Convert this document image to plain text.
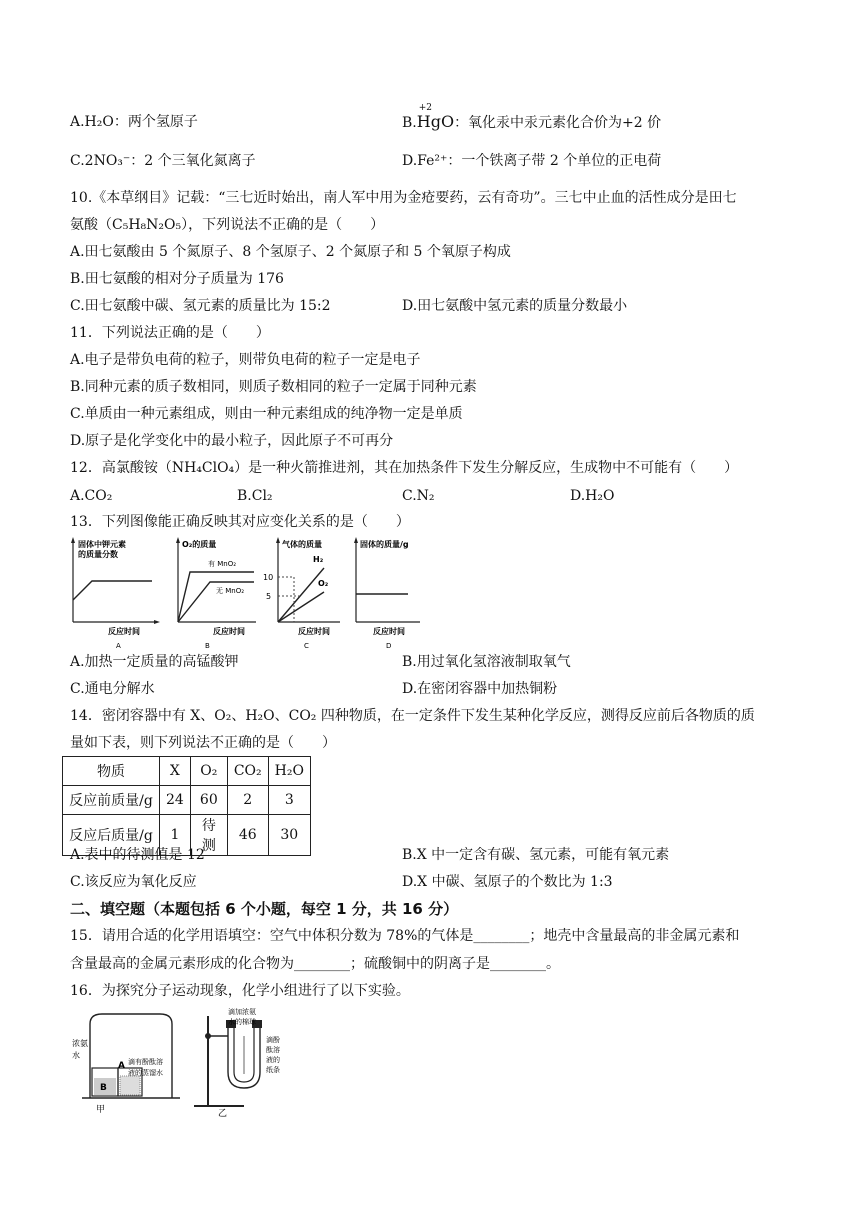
A.H₂O：两个氢原子	B.
+2
HgO：氧化汞中汞元素化合价为+2 价
C.2NO₃⁻：2 个三氧化氮离子	D.Fe²⁺：一个铁离子带 2 个单位的正电荷
10.《本草纲目》记载：“三七近时始出，南人军中用为金疮要药，云有奇功”。三七中止血的活性成分是田七
氨酸（C₅H₈N₂O₅），下列说法不正确的是（　　）
A.田七氨酸由 5 个氮原子、8 个氢原子、2 个氮原子和 5 个氧原子构成
B.田七氨酸的相对分子质量为 176
C.田七氨酸中碳、氢元素的质量比为 15:2	D.田七氨酸中氢元素的质量分数最小
11．下列说法正确的是（　　）
A.电子是带负电荷的粒子，则带负电荷的粒子一定是电子
B.同种元素的质子数相同，则质子数相同的粒子一定属于同种元素
C.单质由一种元素组成，则由一种元素组成的纯净物一定是单质
D.原子是化学变化中的最小粒子，因此原子不可再分
12．高氯酸铵（NH₄ClO₄）是一种火箭推进剂，其在加热条件下发生分解反应，生成物中不可能有（　　）
A.CO₂	B.Cl₂	C.N₂	D.H₂O
13．下列图像能正确反映其对应变化关系的是（　　）
固体中钾元素
的质量分数
反应时间
A
O₂的质量
有 MnO₂
无 MnO₂
反应时间
B
气体的质量
H₂
O₂
10
5
反应时间
C
固体的质量/g
反应时间
D
A.加热一定质量的高锰酸钾	B.用过氧化氢溶液制取氧气
C.通电分解水	D.在密闭容器中加热铜粉
14．密闭容器中有 X、O₂、H₂O、CO₂ 四种物质，在一定条件下发生某种化学反应，测得反应前后各物质的质
量如下表，则下列说法不正确的是（　　）
物质	X	O₂	CO₂	H₂O
反应前质量/g	24	60	2	3
反应后质量/g	1	待测	46	30
A.表中的待测值是 12	B.X 中一定含有碳、氢元素，可能有氧元素
C.该反应为氧化反应	D.X 中碳、氢原子的个数比为 1:3
二、填空题（本题包括 6 个小题，每空 1 分，共 16 分）
15．请用合适的化学用语填空：空气中体积分数为 78%的气体是________；地壳中含量最高的非金属元素和
含量最高的金属元素形成的化合物为________；硫酸铜中的阴离子是________。
16．为探究分子运动现象，化学小组进行了以下实验。
浓氨
水
B
A 滴有酚酞溶
液的蒸馏水
甲
滴加浓氨
水的棉球
滴酚
酞溶
液的
纸条
乙
